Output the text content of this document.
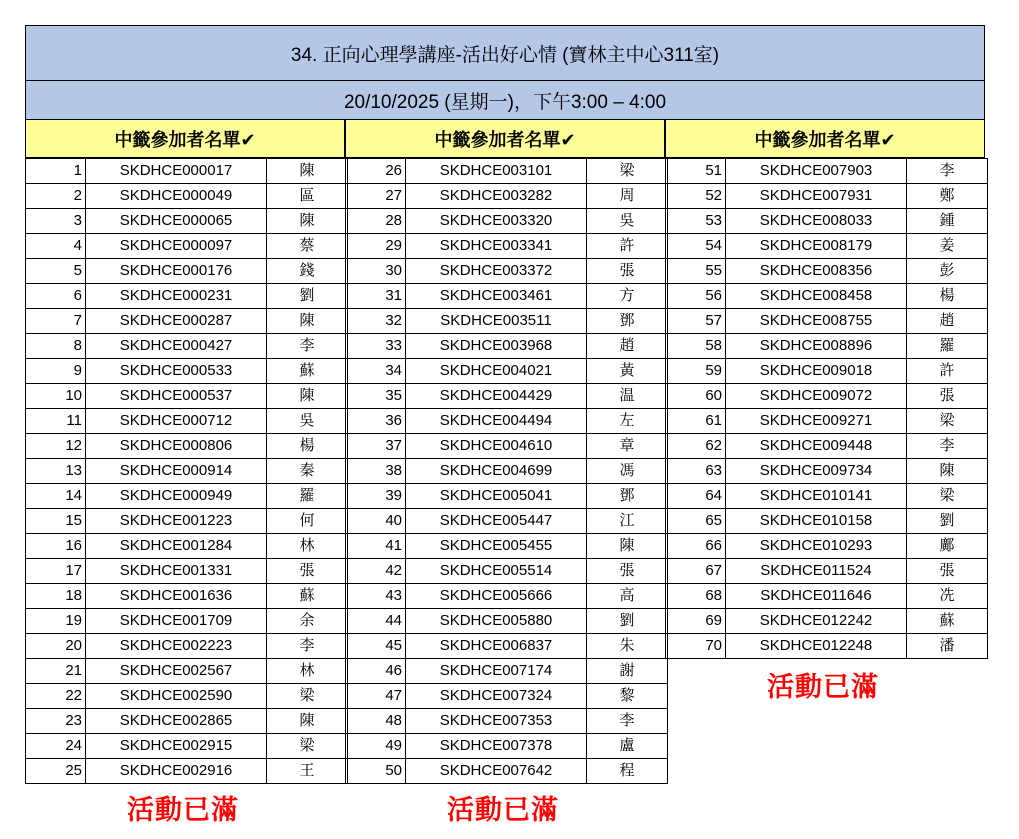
34. 正向心理學講座-活出好心情 (寶林主中心311室)
20/10/2025 (星期一)，下午3:00 – 4:00
中籤參加者名單✔
1	SKDHCE000017	陳
2	SKDHCE000049	區
3	SKDHCE000065	陳
4	SKDHCE000097	蔡
5	SKDHCE000176	錢
6	SKDHCE000231	劉
7	SKDHCE000287	陳
8	SKDHCE000427	李
9	SKDHCE000533	蘇
10	SKDHCE000537	陳
11	SKDHCE000712	吳
12	SKDHCE000806	楊
13	SKDHCE000914	秦
14	SKDHCE000949	羅
15	SKDHCE001223	何
16	SKDHCE001284	林
17	SKDHCE001331	張
18	SKDHCE001636	蘇
19	SKDHCE001709	余
20	SKDHCE002223	李
21	SKDHCE002567	林
22	SKDHCE002590	梁
23	SKDHCE002865	陳
24	SKDHCE002915	梁
25	SKDHCE002916	王
中籤參加者名單✔
26	SKDHCE003101	梁
27	SKDHCE003282	周
28	SKDHCE003320	吳
29	SKDHCE003341	許
30	SKDHCE003372	張
31	SKDHCE003461	方
32	SKDHCE003511	鄧
33	SKDHCE003968	趙
34	SKDHCE004021	黃
35	SKDHCE004429	温
36	SKDHCE004494	左
37	SKDHCE004610	章
38	SKDHCE004699	馮
39	SKDHCE005041	鄧
40	SKDHCE005447	江
41	SKDHCE005455	陳
42	SKDHCE005514	張
43	SKDHCE005666	高
44	SKDHCE005880	劉
45	SKDHCE006837	朱
46	SKDHCE007174	謝
47	SKDHCE007324	黎
48	SKDHCE007353	李
49	SKDHCE007378	盧
50	SKDHCE007642	程
中籤參加者名單✔
51	SKDHCE007903	李
52	SKDHCE007931	鄭
53	SKDHCE008033	鍾
54	SKDHCE008179	姜
55	SKDHCE008356	彭
56	SKDHCE008458	楊
57	SKDHCE008755	趙
58	SKDHCE008896	羅
59	SKDHCE009018	許
60	SKDHCE009072	張
61	SKDHCE009271	梁
62	SKDHCE009448	李
63	SKDHCE009734	陳
64	SKDHCE010141	梁
65	SKDHCE010158	劉
66	SKDHCE010293	鄺
67	SKDHCE011524	張
68	SKDHCE011646	冼
69	SKDHCE012242	蘇
70	SKDHCE012248	潘
活動已滿	活動已滿
活動已滿
